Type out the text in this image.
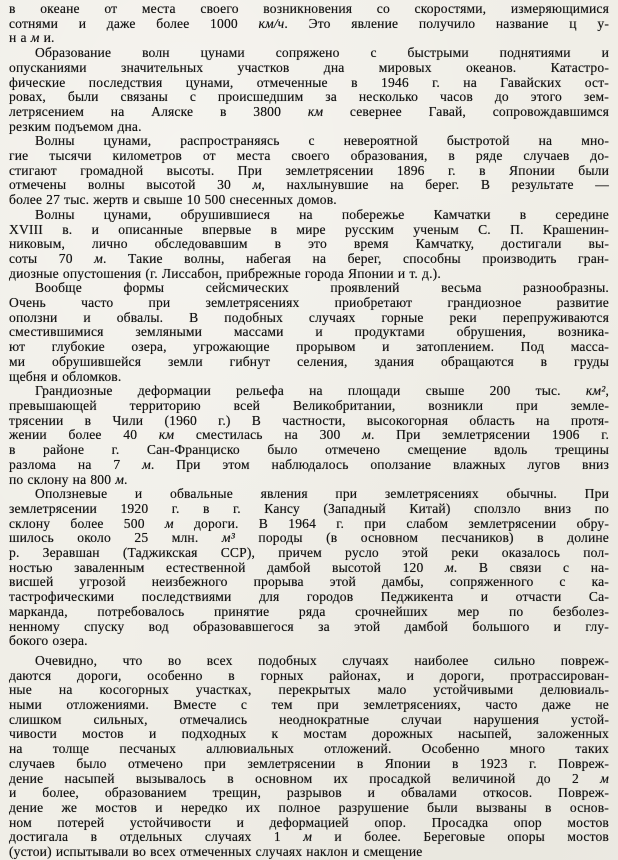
в океане от места своего возникновения со скоростями, измеряющимися
сотнями и даже более 1000 км/ч. Это явление получило название ц у-
н а м и.
Образование волн цунами сопряжено с быстрыми поднятиями и
опусканиями значительных участков дна мировых океанов. Катастро-
фические последствия цунами, отмеченные в 1946 г. на Гавайских ост-
ровах, были связаны с происшедшим за несколько часов до этого зем-
летрясением на Аляске в 3800 км севернее Гавай, сопровождавшимся
резким подъемом дна.
Волны цунами, распространяясь с невероятной быстротой на мно-
гие тысячи километров от места своего образования, в ряде случаев до-
стигают громадной высоты. При землетрясении 1896 г. в Японии были
отмечены волны высотой 30 м, нахлынувшие на берег. В результате —
более 27 тыс. жертв и свыше 10 500 снесенных домов.
Волны цунами, обрушившиеся на побережье Камчатки в середине
XVIII в. и описанные впервые в мире русским ученым С. П. Крашенин-
никовым, лично обследовавшим в это время Камчатку, достигали вы-
соты 70 м. Такие волны, набегая на берег, способны производить гран-
диозные опустошения (г. Лиссабон, прибрежные города Японии и т. д.).
Вообще формы сейсмических проявлений весьма разнообразны.
Очень часто при землетрясениях приобретают грандиозное развитие
оползни и обвалы. В подобных случаях горные реки перепруживаются
сместившимися земляными массами и продуктами обрушения, возника-
ют глубокие озера, угрожающие прорывом и затоплением. Под масса-
ми обрушившейся земли гибнут селения, здания обращаются в груды
щебня и обломков.
Грандиозные деформации рельефа на площади свыше 200 тыс. км²,
превышающей территорию всей Великобритании, возникли при земле-
трясении в Чили (1960 г.) В частности, высокогорная область на протя-
жении более 40 км сместилась на 300 м. При землетрясении 1906 г.
в районе г. Сан-Франциско было отмечено смещение вдоль трещины
разлома на 7 м. При этом наблюдалось оползание влажных лугов вниз
по склону на 800 м.
Оползневые и обвальные явления при землетрясениях обычны. При
землетрясении 1920 г. в г. Кансу (Западный Китай) сползло вниз по
склону более 500 м дороги. В 1964 г. при слабом землетрясении обру-
шилось около 25 млн. м³ породы (в основном песчаников) в долине
р. Зеравшан (Таджикская ССР), причем русло этой реки оказалось пол-
ностью заваленным естественной дамбой высотой 120 м. В связи с на-
висшей угрозой неизбежного прорыва этой дамбы, сопряженного с ка-
тастрофическими последствиями для городов Педжикента и отчасти Са-
марканда, потребовалось принятие ряда срочнейших мер по безболез-
ненному спуску вод образовавшегося за этой дамбой большого и глу-
бокого озера.
Очевидно, что во всех подобных случаях наиболее сильно повреж-
даются дороги, особенно в горных районах, и дороги, протрассирован-
ные на косогорных участках, перекрытых мало устойчивыми делювиаль-
ными отложениями. Вместе с тем при землетрясениях, часто даже не
слишком сильных, отмечались неоднократные случаи нарушения устой-
чивости мостов и подходных к мостам дорожных насыпей, заложенных
на толще песчаных аллювиальных отложений. Особенно много таких
случаев было отмечено при землетрясении в Японии в 1923 г. Повреж-
дение насыпей вызывалось в основном их просадкой величиной до 2 м
и более, образованием трещин, разрывов и обвалами откосов. Повреж-
дение же мостов и нередко их полное разрушение были вызваны в основ-
ном потерей устойчивости и деформацией опор. Просадка опор мостов
достигала в отдельных случаях 1 м и более. Береговые опоры мостов
(устои) испытывали во всех отмеченных случаях наклон и смещение
